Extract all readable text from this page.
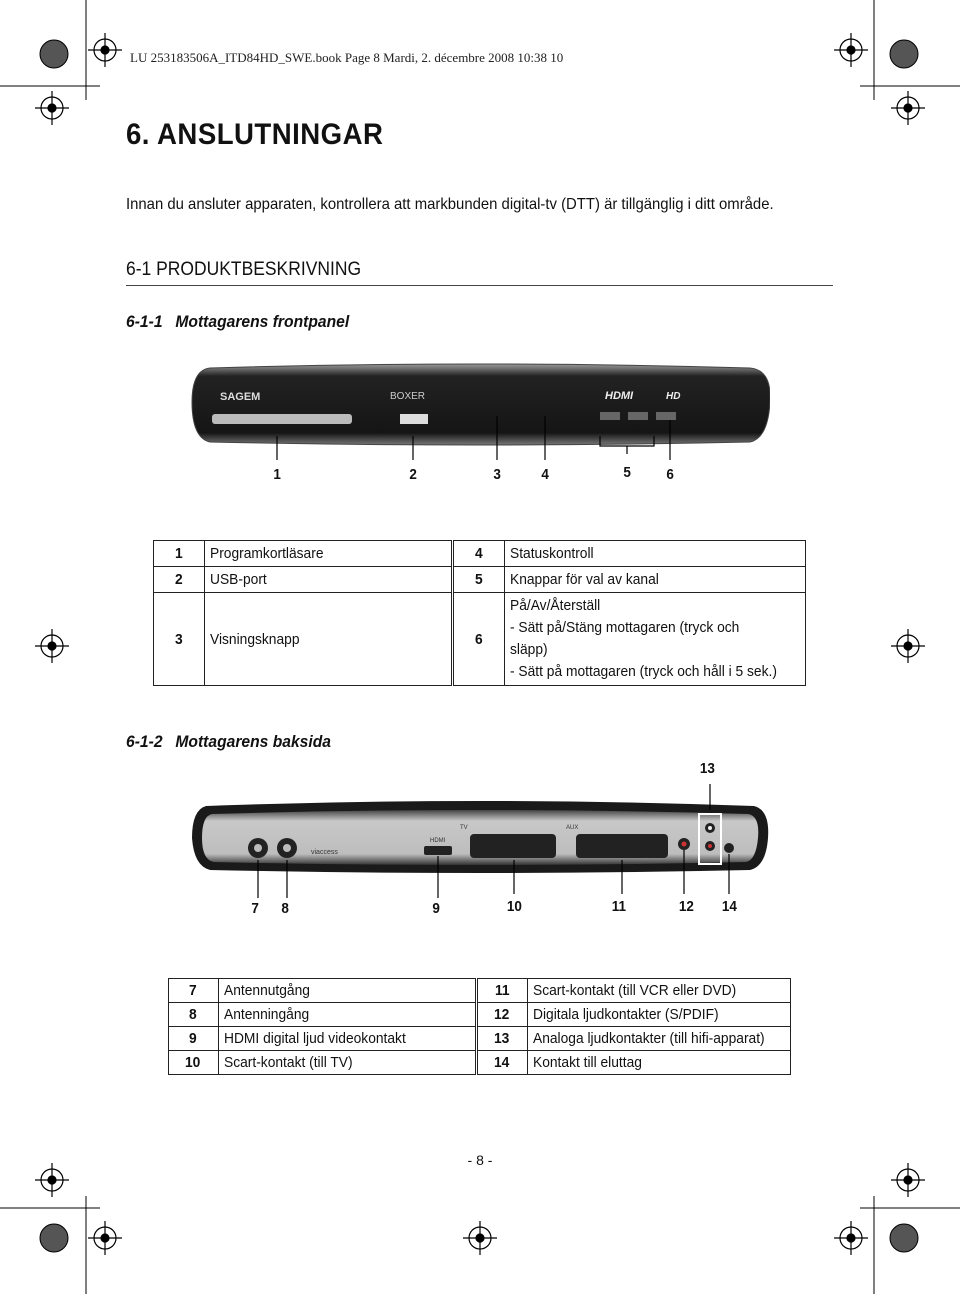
LU 253183506A_ITD84HD_SWE.book Page 8 Mardi, 2. décembre 2008 10:38 10
6. ANSLUTNINGAR
Innan du ansluter apparaten, kontrollera att markbunden digital-tv (DTT) är tillgänglig i ditt område.
6-1 PRODUKTBESKRIVNING
6-1-1 Mottagarens frontpanel
SAGEM	BOXER	HDMI	HD
1	2	3	4	5 6
1	Programkortläsare	4	Statuskontroll
2	USB-port	5	Knappar för val av kanal
3	Visningsknapp	6	På/Av/Återställ - Sätt på/Stäng mottagaren (tryck och släpp) - Sätt på mottagaren (tryck och håll i 5 sek.)
6-1-2 Mottagarens baksida
13
viaccess
HDMI
TV	AUX
7 8	9	10	11	12 14
7	Antennutgång	11	Scart-kontakt (till VCR eller DVD)
8	Antenningång	12	Digitala ljudkontakter (S/PDIF)
9	HDMI digital ljud videokontakt	13	Analoga ljudkontakter (till hifi-apparat)
10	Scart-kontakt (till TV)	14	Kontakt till eluttag
- 8 -
